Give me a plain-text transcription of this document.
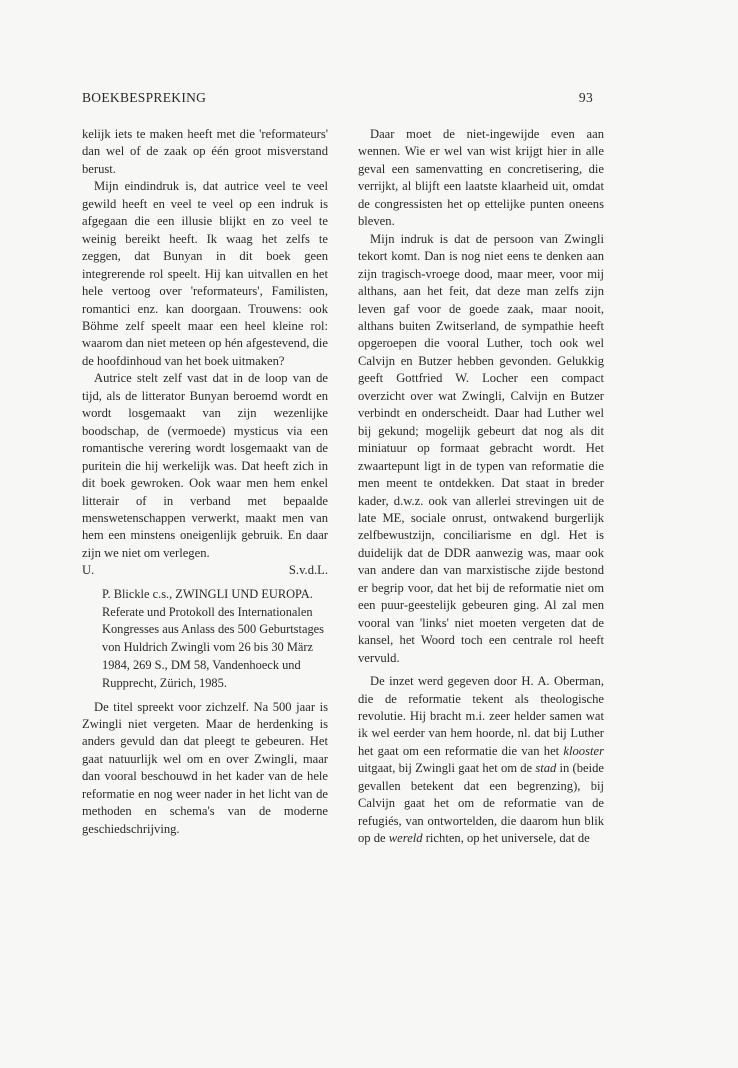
BOEKBESPREKING	93

kelijk iets te maken heeft met die 'reformateurs' dan wel of de zaak op één groot misverstand berust.

Mijn eindindruk is, dat autrice veel te veel gewild heeft en veel te veel op een indruk is afgegaan die een illusie blijkt en zo veel te weinig bereikt heeft. Ik waag het zelfs te zeggen, dat Bunyan in dit boek geen integrerende rol speelt. Hij kan uitvallen en het hele vertoog over 'reformateurs', Familisten, romantici enz. kan doorgaan. Trouwens: ook Böhme zelf speelt maar een heel kleine rol: waarom dan niet meteen op hén afgestevend, die de hoofdinhoud van het boek uitmaken?

Autrice stelt zelf vast dat in de loop van de tijd, als de litterator Bunyan beroemd wordt en wordt losgemaakt van zijn wezenlijke boodschap, de (vermoede) mysticus via een romantische verering wordt losgemaakt van de puritein die hij werkelijk was. Dat heeft zich in dit boek gewroken. Ook waar men hem enkel litterair of in verband met bepaalde menswetenschappen verwerkt, maakt men van hem een minstens oneigenlijk gebruik. En daar zijn we niet om verlegen.

U.	S.v.d.L.
P. Blickle c.s., ZWINGLI UND EUROPA. Referate und Protokoll des Internationalen Kongresses aus Anlass des 500 Geburtstages von Huldrich Zwingli vom 26 bis 30 März 1984, 269 S., DM 58, Vandenhoeck und Rupprecht, Zürich, 1985.

De titel spreekt voor zichzelf. Na 500 jaar is Zwingli niet vergeten. Maar de herdenking is anders gevuld dan dat pleegt te gebeuren. Het gaat natuurlijk wel om en over Zwingli, maar dan vooral beschouwd in het kader van de hele reformatie en nog weer nader in het licht van de methoden en schema's van de moderne geschiedschrijving.

Daar moet de niet-ingewijde even aan wennen. Wie er wel van wist krijgt hier in alle geval een samenvatting en concretisering, die verrijkt, al blijft een laatste klaarheid uit, omdat de congressisten het op ettelijke punten oneens bleven.

Mijn indruk is dat de persoon van Zwingli tekort komt. Dan is nog niet eens te denken aan zijn tragisch-vroege dood, maar meer, voor mij althans, aan het feit, dat deze man zelfs zijn leven gaf voor de goede zaak, maar nooit, althans buiten Zwitserland, de sympathie heeft opgeroepen die vooral Luther, toch ook wel Calvijn en Butzer hebben gevonden. Gelukkig geeft Gottfried W. Locher een compact overzicht over wat Zwingli, Calvijn en Butzer verbindt en onderscheidt. Daar had Luther wel bij gekund; mogelijk gebeurt dat nog als dit miniatuur op formaat gebracht wordt. Het zwaartepunt ligt in de typen van reformatie die men meent te ontdekken. Dat staat in breder kader, d.w.z. ook van allerlei strevingen uit de late ME, sociale onrust, ontwakend burgerlijk zelfbewustzijn, conciliarisme en dgl. Het is duidelijk dat de DDR aanwezig was, maar ook van andere dan van marxistische zijde bestond er begrip voor, dat het bij de reformatie niet om een puur-geestelijk gebeuren ging. Al zal men vooral van 'links' niet moeten vergeten dat de kansel, het Woord toch een centrale rol heeft vervuld.

De inzet werd gegeven door H. A. Oberman, die de reformatie tekent als theologische revolutie. Hij bracht m.i. zeer helder samen wat ik wel eerder van hem hoorde, nl. dat bij Luther het gaat om een reformatie die van het klooster uitgaat, bij Zwingli gaat het om de stad in (beide gevallen betekent dat een begrenzing), bij Calvijn gaat het om de reformatie van de refugiés, van ontwortelden, die daarom hun blik op de wereld richten, op het universele, dat de
